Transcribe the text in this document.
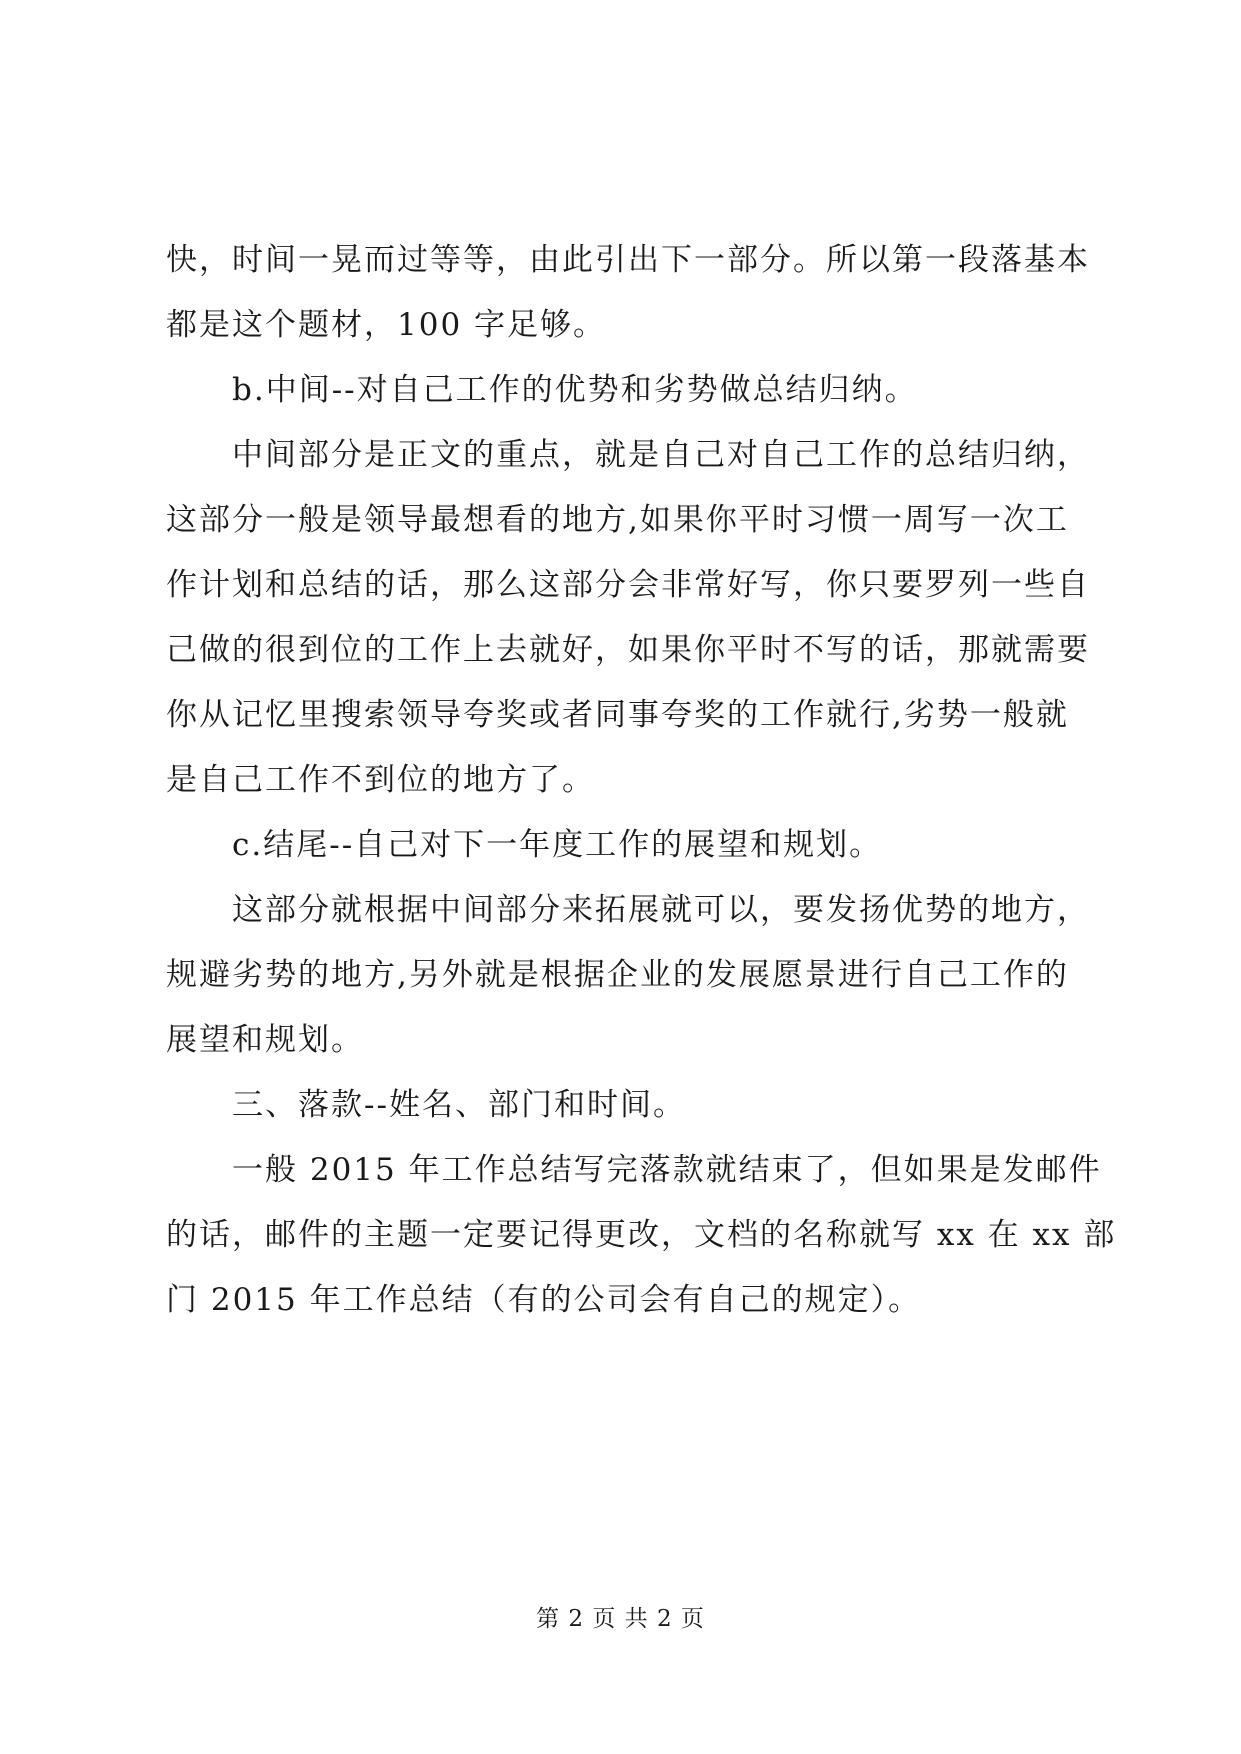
快，时间一晃而过等等，由此引出下一部分。所以第一段落基本

都是这个题材，100 字足够。

b.中间--对自己工作的优势和劣势做总结归纳。

中间部分是正文的重点，就是自己对自己工作的总结归纳，

这部分一般是领导最想看的地方,如果你平时习惯一周写一次工

作计划和总结的话，那么这部分会非常好写，你只要罗列一些自

己做的很到位的工作上去就好，如果你平时不写的话，那就需要

你从记忆里搜索领导夸奖或者同事夸奖的工作就行,劣势一般就

是自己工作不到位的地方了。

c.结尾--自己对下一年度工作的展望和规划。

这部分就根据中间部分来拓展就可以，要发扬优势的地方，

规避劣势的地方,另外就是根据企业的发展愿景进行自己工作的

展望和规划。

三、落款--姓名、部门和时间。

一般 2015 年工作总结写完落款就结束了，但如果是发邮件

的话，邮件的主题一定要记得更改，文档的名称就写 xx 在 xx 部

门 2015 年工作总结（有的公司会有自己的规定）。

第 2 页 共 2 页
